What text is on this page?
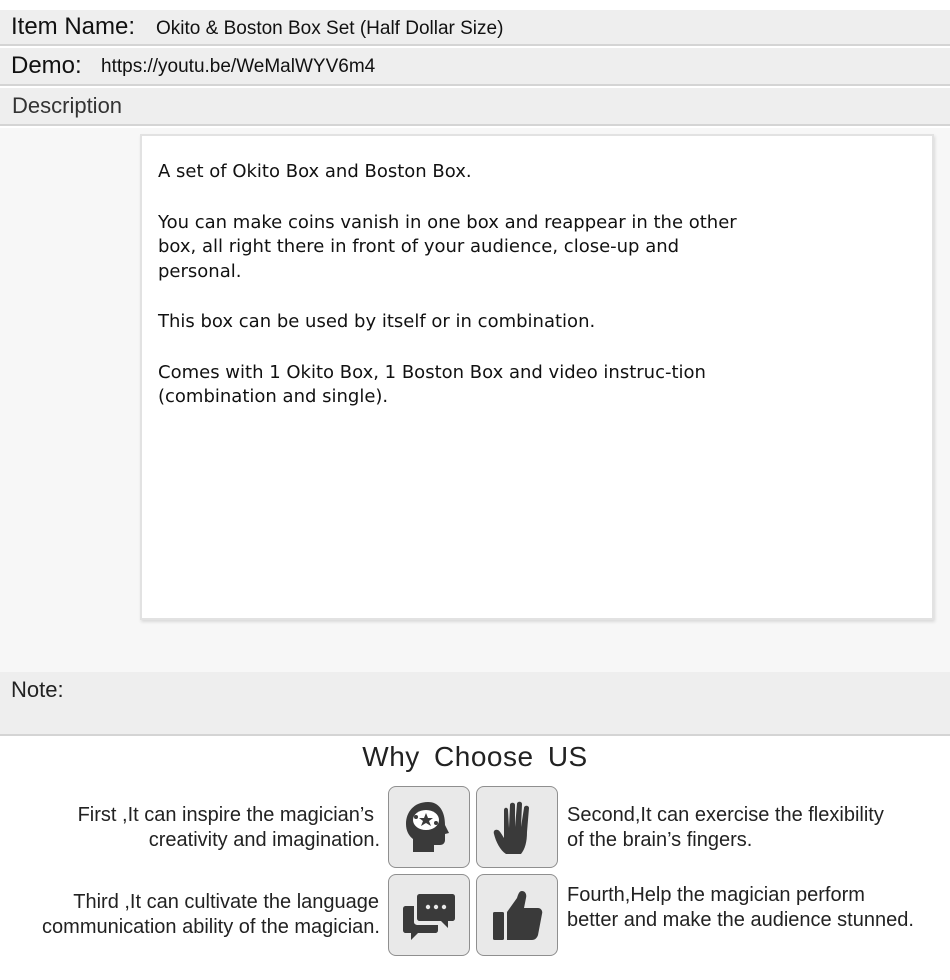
Item Name: Okito & Boston Box Set (Half Dollar Size)
Demo: https://youtu.be/WeMalWYV6m4
Description

A set of Okito Box and Boston Box.

You can make coins vanish in one box and reappear in the other box, all right there in front of your audience, close-up and personal.

This box can be used by itself or in combination.

Comes with 1 Okito Box, 1 Boston Box and video instruc-tion (combination and single).

Note:
Why Choose US
First ,It can inspire the magician’s
creativity and imagination.
Second,It can exercise the flexibility
of the brain’s fingers.
Third ,It can cultivate the language
communication ability of the magician.
Fourth,Help the magician perform
better and make the audience stunned.
